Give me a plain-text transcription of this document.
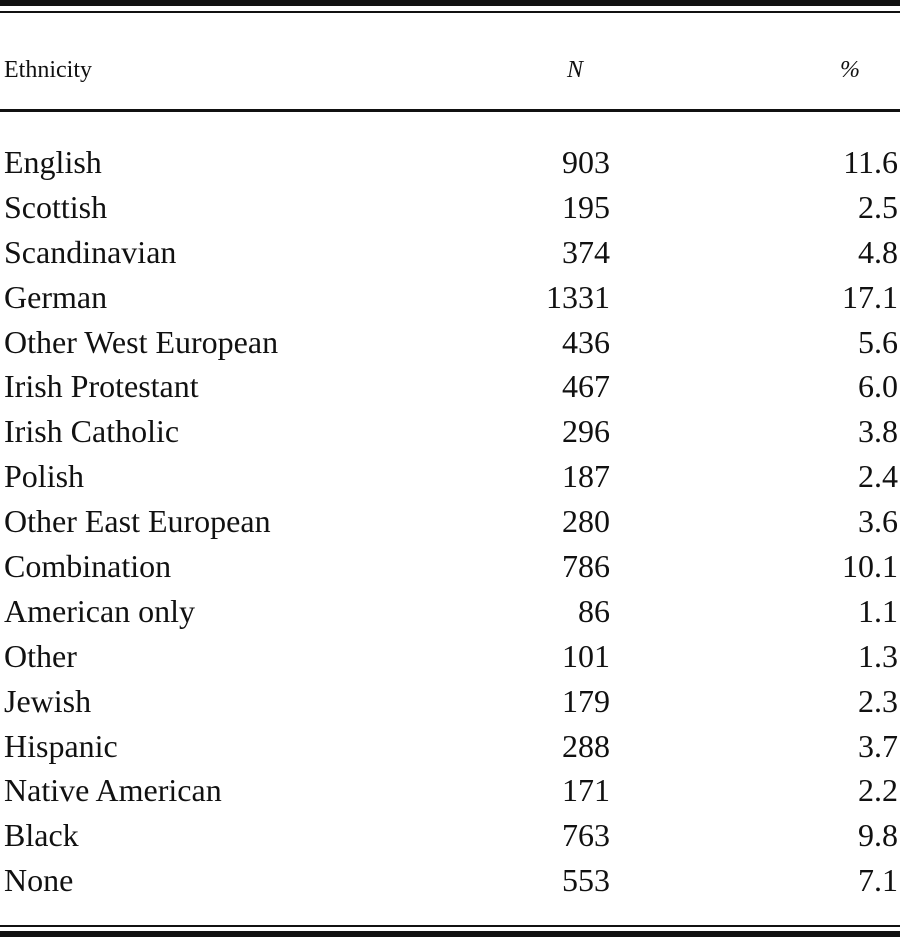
Ethnicity	N	%
English	903	11.6
Scottish	195	2.5
Scandinavian	374	4.8
German	1331	17.1
Other West European	436	5.6
Irish Protestant	467	6.0
Irish Catholic	296	3.8
Polish	187	2.4
Other East European	280	3.6
Combination	786	10.1
American only	86	1.1
Other	101	1.3
Jewish	179	2.3
Hispanic	288	3.7
Native American	171	2.2
Black	763	9.8
None	553	7.1
